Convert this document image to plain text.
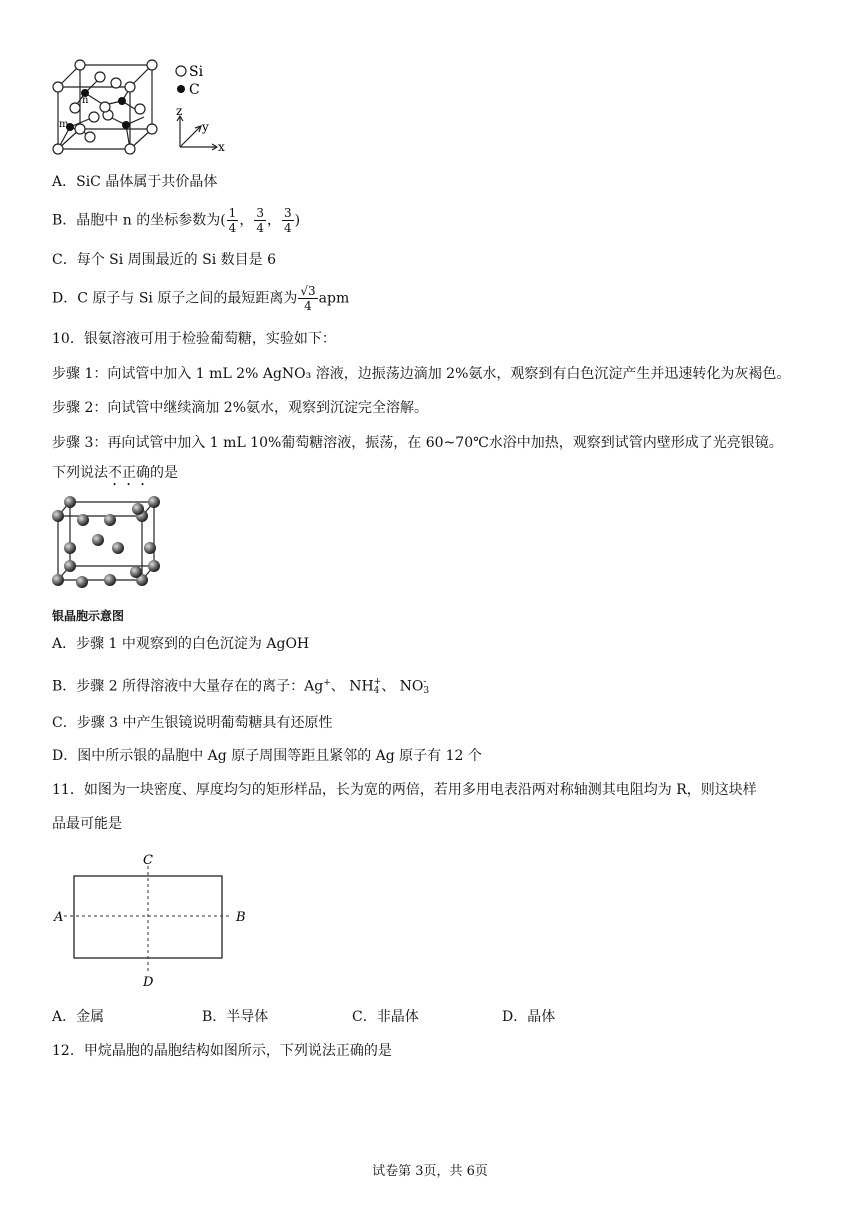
n
m
Si
C
z
y
x
A．SiC 晶体属于共价晶体
B．晶胞中 n 的坐标参数为( $\frac{1}{4}$ ， $\frac{3}{4}$ ， $\frac{3}{4}$ )
C．每个 Si 周围最近的 Si 数目是 6
D．C 原子与 Si 原子之间的最短距离为 $\frac{√3}{4}$ apm
10．银氨溶液可用于检验葡萄糖，实验如下：
步骤 1：向试管中加入 1 mL 2% AgNO₃ 溶液，边振荡边滴加 2%氨水，观察到有白色沉淀产生并迅速转化为灰褐色。
步骤 2：向试管中继续滴加 2%氨水，观察到沉淀完全溶解。
步骤 3：再向试管中加入 1 mL 10%葡萄糖溶液，振荡，在 60~70℃水浴中加热，观察到试管内壁形成了光亮银镜。
下列说法不正确的是
银晶胞示意图
A．步骤 1 中观察到的白色沉淀为 AgOH
B．步骤 2 所得溶液中大量存在的离子：Ag+、 NH +
4 、 NO -
3
C．步骤 3 中产生银镜说明葡萄糖具有还原性
D．图中所示银的晶胞中 Ag 原子周围等距且紧邻的 Ag 原子有 12 个
11．如图为一块密度、厚度均匀的矩形样品，长为宽的两倍，若用多用电表沿两对称轴测其电阻均为 R，则这块样
品最可能是
C
D
A	B
A．金属	B．半导体	C．非晶体	D．晶体
12．甲烷晶胞的晶胞结构如图所示，下列说法正确的是
试卷第 3页，共 6页
